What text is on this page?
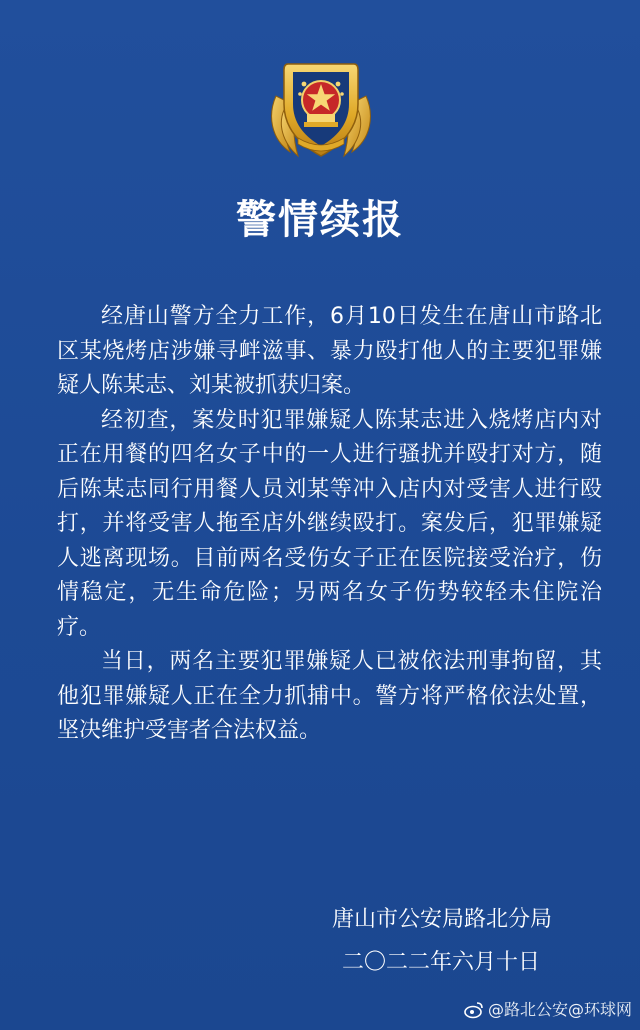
警情续报

经唐山警方全力工作，6月10日发生在唐山市路北区某烧烤店涉嫌寻衅滋事、暴力殴打他人的主要犯罪嫌疑人陈某志、刘某被抓获归案。

经初查，案发时犯罪嫌疑人陈某志进入烧烤店内对正在用餐的四名女子中的一人进行骚扰并殴打对方，随后陈某志同行用餐人员刘某等冲入店内对受害人进行殴打，并将受害人拖至店外继续殴打。案发后，犯罪嫌疑人逃离现场。目前两名受伤女子正在医院接受治疗，伤情稳定，无生命危险；另两名女子伤势较轻未住院治疗。

当日，两名主要犯罪嫌疑人已被依法刑事拘留，其他犯罪嫌疑人正在全力抓捕中。警方将严格依法处置，坚决维护受害者合法权益。

唐山市公安局路北分局
二〇二二年六月十日
@路北公安@环球网
